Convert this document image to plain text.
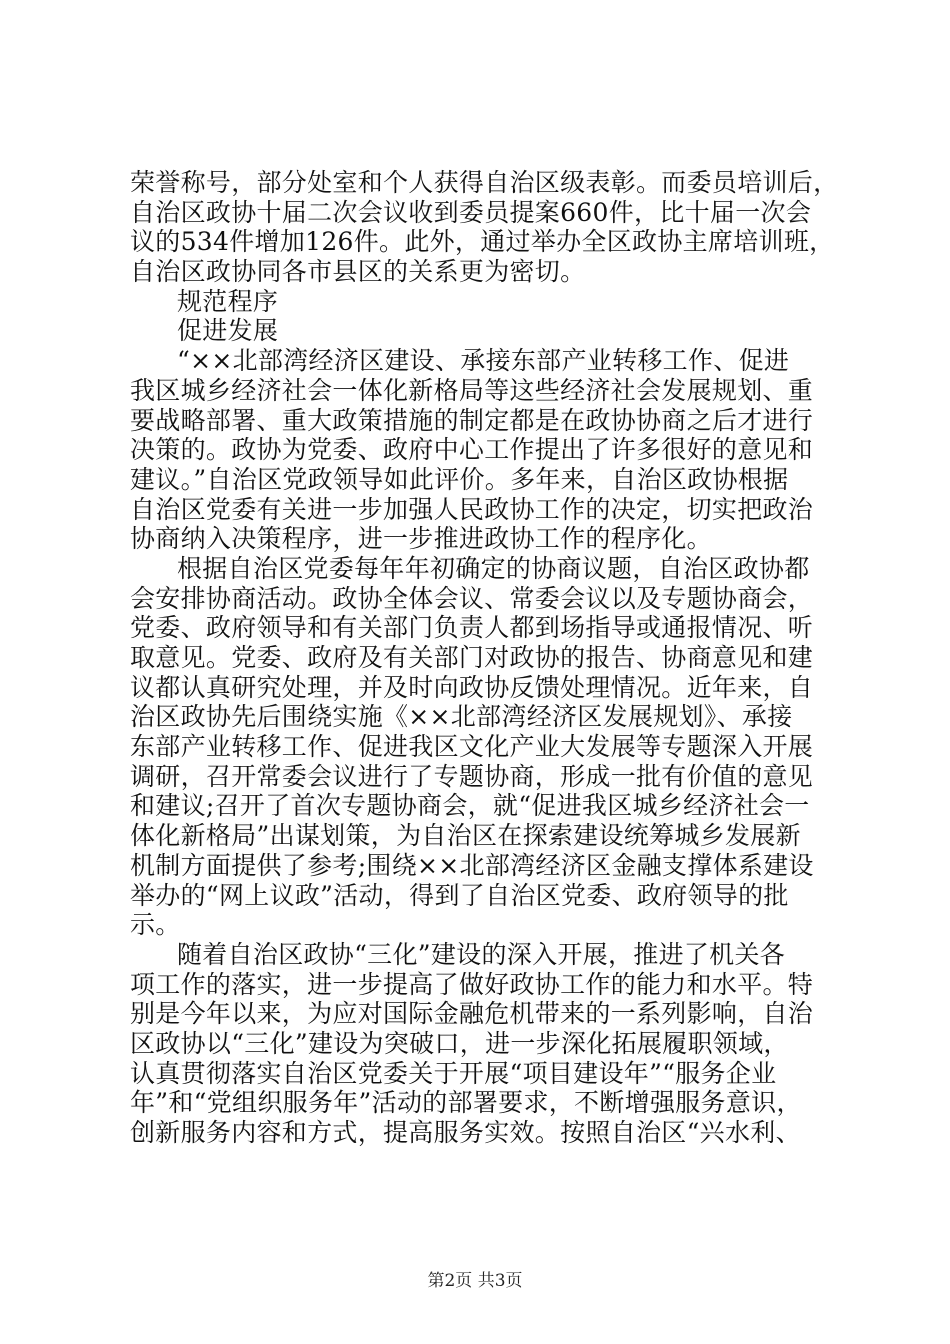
荣誉称号，部分处室和个人获得自治区级表彰。而委员培训后，
自治区政协十届二次会议收到委员提案660件，比十届一次会
议的534件增加126件。此外，通过举办全区政协主席培训班，
自治区政协同各市县区的关系更为密切。
规范程序
促进发展
“××北部湾经济区建设、承接东部产业转移工作、促进
我区城乡经济社会一体化新格局等这些经济社会发展规划、重
要战略部署、重大政策措施的制定都是在政协协商之后才进行
决策的。政协为党委、政府中心工作提出了许多很好的意见和
建议。”自治区党政领导如此评价。多年来，自治区政协根据
自治区党委有关进一步加强人民政协工作的决定，切实把政治
协商纳入决策程序，进一步推进政协工作的程序化。
根据自治区党委每年年初确定的协商议题，自治区政协都
会安排协商活动。政协全体会议、常委会议以及专题协商会，
党委、政府领导和有关部门负责人都到场指导或通报情况、听
取意见。党委、政府及有关部门对政协的报告、协商意见和建
议都认真研究处理，并及时向政协反馈处理情况。近年来，自
治区政协先后围绕实施《××北部湾经济区发展规划》、承接
东部产业转移工作、促进我区文化产业大发展等专题深入开展
调研，召开常委会议进行了专题协商，形成一批有价值的意见
和建议;召开了首次专题协商会，就“促进我区城乡经济社会一
体化新格局”出谋划策，为自治区在探索建设统筹城乡发展新
机制方面提供了参考;围绕××北部湾经济区金融支撑体系建设
举办的“网上议政”活动，得到了自治区党委、政府领导的批
示。
随着自治区政协“三化”建设的深入开展，推进了机关各
项工作的落实，进一步提高了做好政协工作的能力和水平。特
别是今年以来，为应对国际金融危机带来的一系列影响，自治
区政协以“三化”建设为突破口，进一步深化拓展履职领域，
认真贯彻落实自治区党委关于开展“项目建设年”“服务企业
年”和“党组织服务年”活动的部署要求，不断增强服务意识，
创新服务内容和方式，提高服务实效。按照自治区“兴水利、
第2页 共3页
